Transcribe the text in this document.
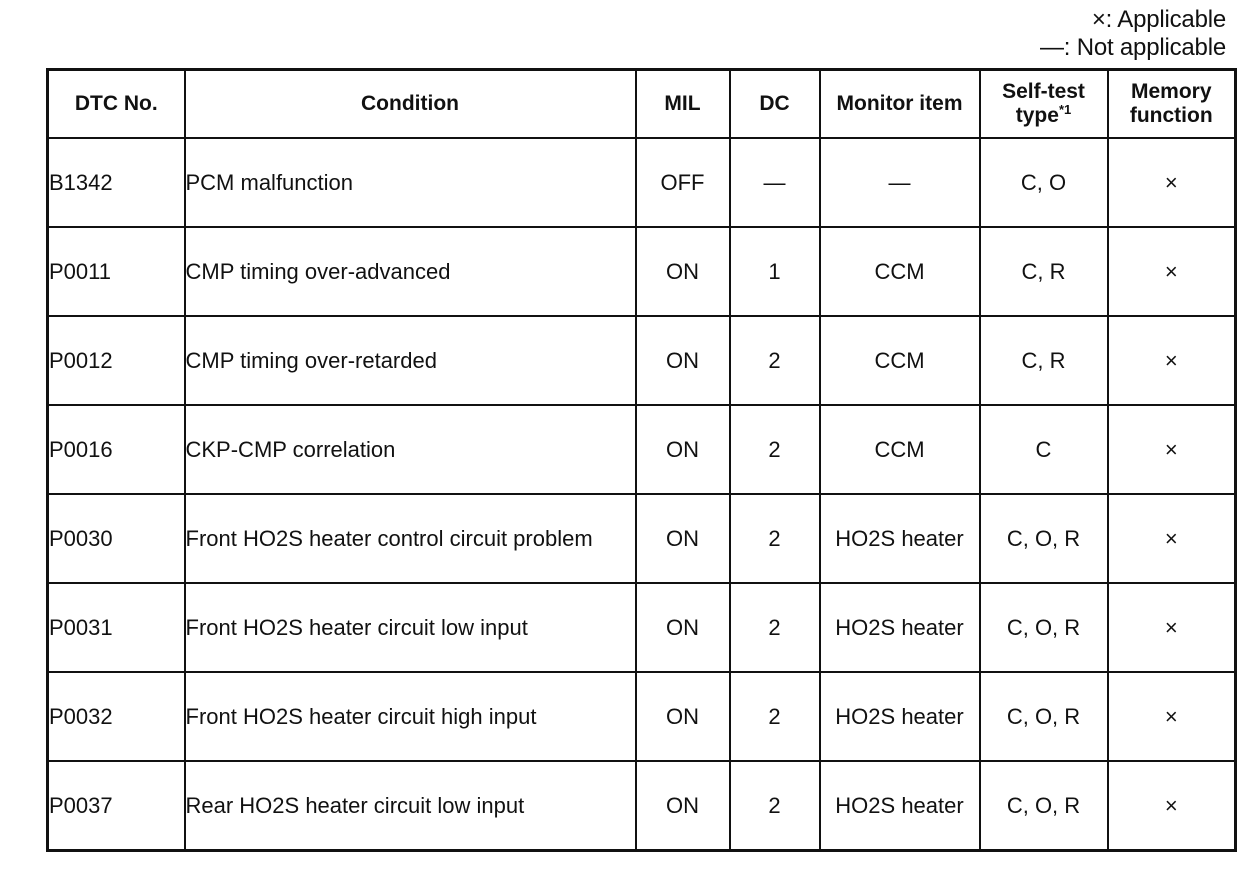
×: Applicable
—: Not applicable
DTC No.	Condition	MIL	DC	Monitor item	Self-test type$^{*1}$	Memory function
B1342	PCM malfunction	OFF	—	—	C, O	×
P0011	CMP timing over-advanced	ON	1	CCM	C, R	×
P0012	CMP timing over-retarded	ON	2	CCM	C, R	×
P0016	CKP-CMP correlation	ON	2	CCM	C	×
P0030	Front HO2S heater control circuit problem	ON	2	HO2S heater	C, O, R	×
P0031	Front HO2S heater circuit low input	ON	2	HO2S heater	C, O, R	×
P0032	Front HO2S heater circuit high input	ON	2	HO2S heater	C, O, R	×
P0037	Rear HO2S heater circuit low input	ON	2	HO2S heater	C, O, R	×
